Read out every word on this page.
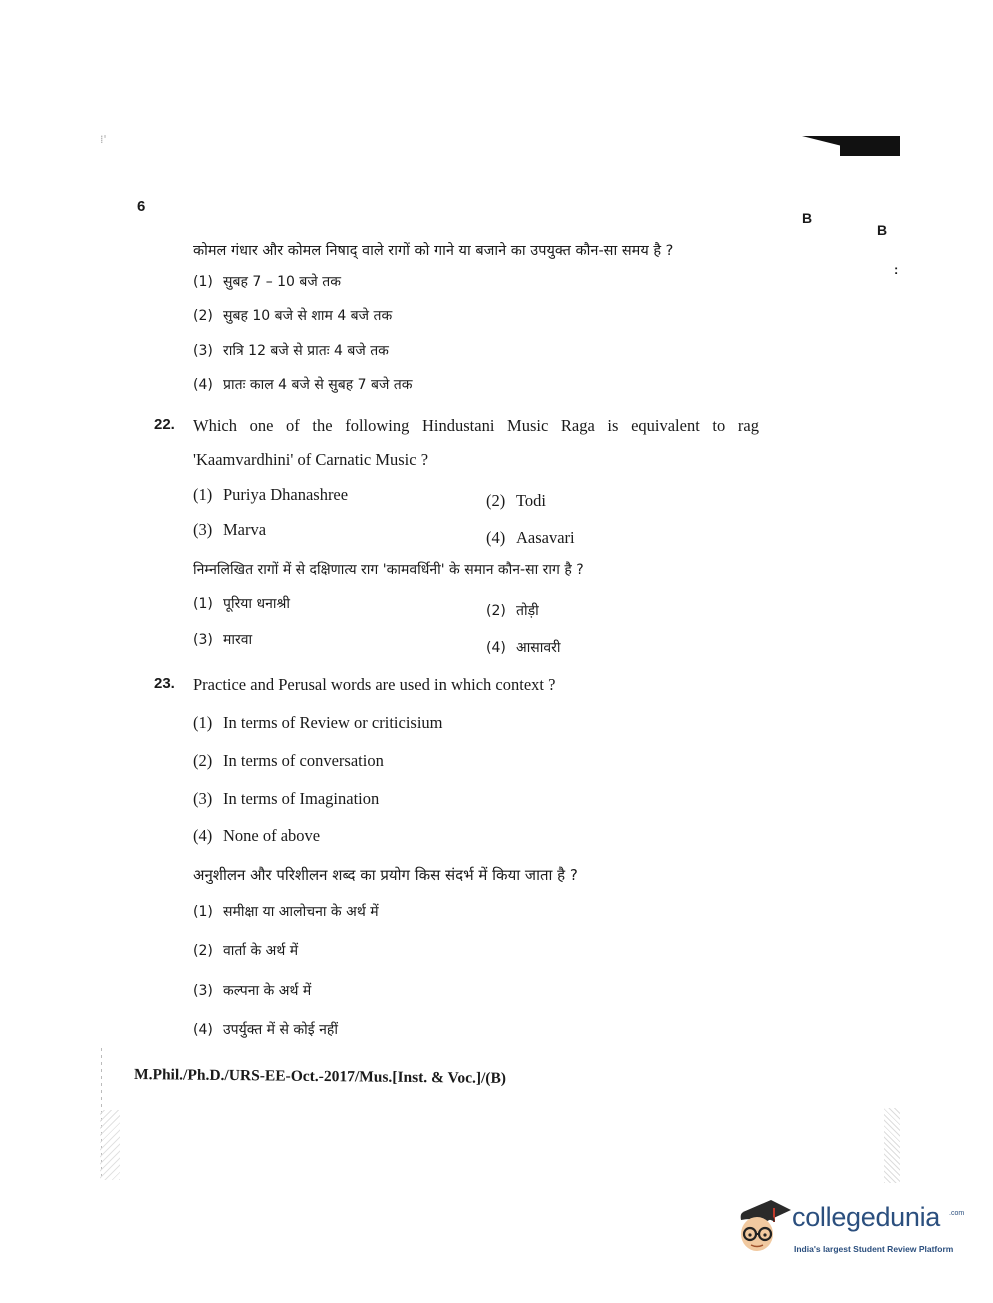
⁞'
6
B
B
:
कोमल गंधार और कोमल निषाद् वाले रागों को गाने या बजाने का उपयुक्त कौन-सा समय है ?
(1) सुबह 7 – 10 बजे तक
(2) सुबह 10 बजे से शाम 4 बजे तक
(3) रात्रि 12 बजे से प्रातः 4 बजे तक
(4) प्रातः काल 4 बजे से सुबह 7 बजे तक
22. Which one of the following Hindustani Music Raga is equivalent to rag
'Kaamvardhini' of Carnatic Music ?
(1) Puriya Dhanashree	(2) Todi
(3) Marva	(4) Aasavari
निम्नलिखित रागों में से दक्षिणात्य राग 'कामवर्धिनी' के समान कौन-सा राग है ?
(1) पूरिया धनाश्री	(2) तोड़ी
(3) मारवा	(4) आसावरी
23. Practice and Perusal words are used in which context ?
(1) In terms of Review or criticisium
(2) In terms of conversation
(3) In terms of Imagination
(4) None of above
अनुशीलन और परिशीलन शब्द का प्रयोग किस संदर्भ में किया जाता है ?
(1) समीक्षा या आलोचना के अर्थ में
(2) वार्ता के अर्थ में
(3) कल्पना के अर्थ में
(4) उपर्युक्त में से कोई नहीं
M.Phil./Ph.D./URS-EE-Oct.-2017/Mus.[Inst. & Voc.]/(B)
collegedunia .com
India's largest Student Review Platform
